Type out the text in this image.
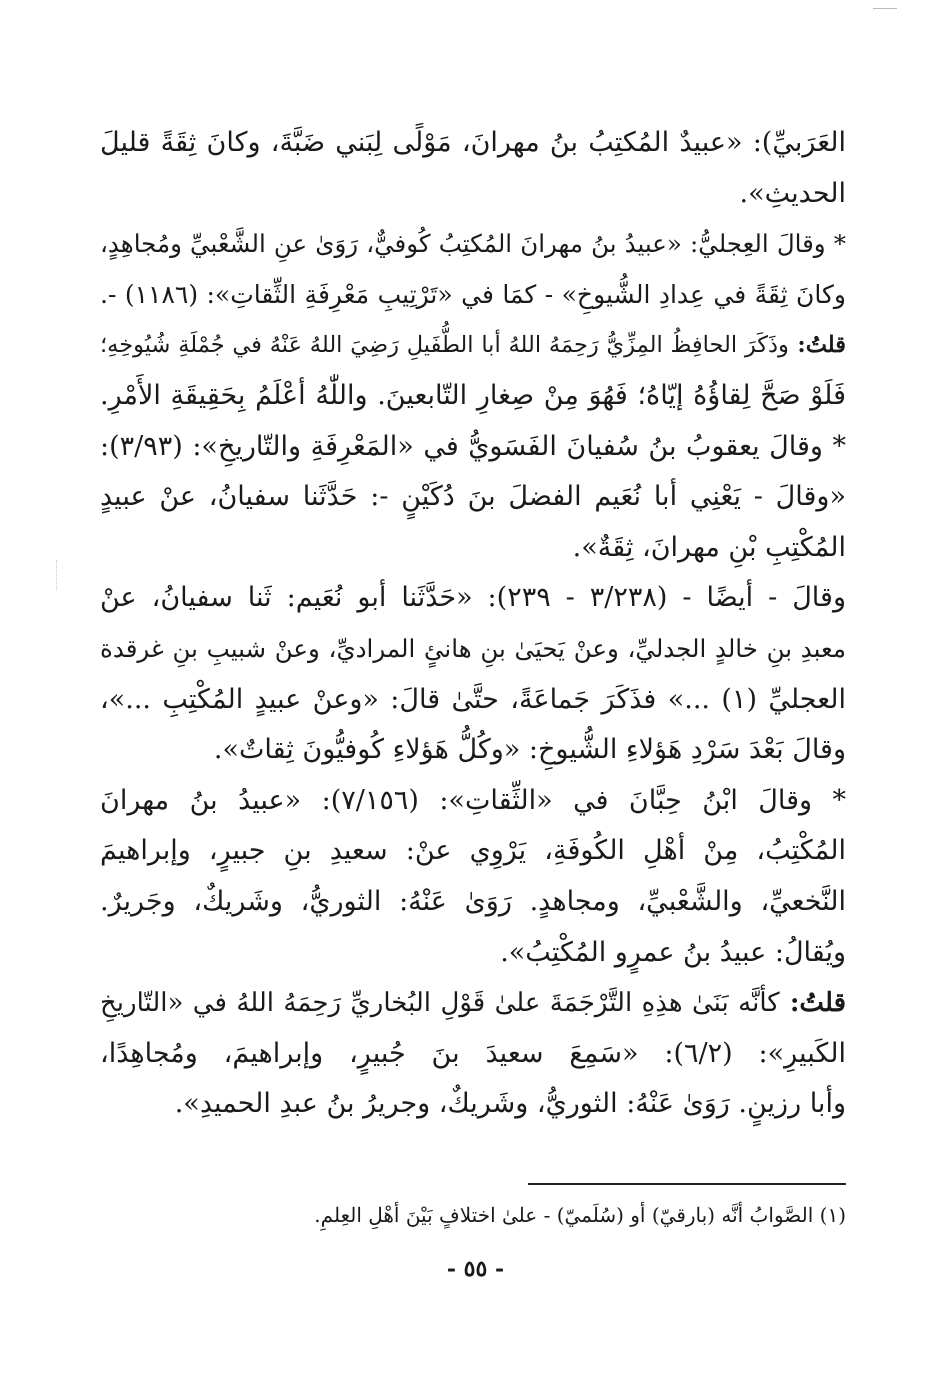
العَرَبيِّ): «عبيدٌ المُكتِبُ بنُ مهرانَ، مَوْلًى لِبَني ضَبَّةَ، وكانَ ثِقَةً قليلَ
الحديثِ».
* وقالَ العِجليُّ: «عبيدُ بنُ مهرانَ المُكتِبُ كُوفيٌّ، رَوَىٰ عنِ الشَّعْبيِّ ومُجاهِدٍ،
وكانَ ثِقَةً في عِدادِ الشُّيوخِ» - كمَا في «تَرْتِيبِ مَعْرِفَةِ الثِّقاتِ»: (١١٨٦) -.
قلتُ: وذَكَرَ الحافِظُ المِزِّيُّ رَحِمَهُ اللهُ أبا الطُّفَيلِ رَضِيَ اللهُ عَنْهُ في جُمْلَةِ شُيُوخِهِ؛
فَلَوْ صَحَّ لِقاؤُهُ إيّاهُ؛ فَهُوَ مِنْ صِغارِ التّابعينَ. واللّٰهُ أعْلَمُ بِحَقِيقَةِ الأَمْرِ.
* وقالَ يعقوبُ بنُ سُفيانَ الفَسَويُّ في «المَعْرِفَةِ والتّاريخِ»: (٣/٩٣):
«وقالَ - يَعْنِي أبا نُعَيم الفضلَ بنَ دُكَيْنٍ -: حَدَّثَنا سفيانُ، عنْ عبيدٍ
المُكْتِبِ بْنِ مهرانَ، ثِقَةٌ».
وقالَ - أيضًا - (٣/٢٣٨ - ٢٣٩): «حَدَّثَنا أبو نُعَيم: ثَنا سفيانُ، عنْ
معبدِ بنِ خالدٍ الجدليِّ، وعنْ يَحيَىٰ بنِ هانئٍ المراديِّ، وعنْ شبيبِ بنِ غرقدة
العجليِّ (١) ...» فذَكَرَ جَماعَةً، حتَّىٰ قالَ: «وعنْ عبيدٍ المُكْتِبِ ...»،
وقالَ بَعْدَ سَرْدِ هَؤلاءِ الشُّيوخِ: «وكُلُّ هَؤلاءِ كُوفيُّونَ ثِقاتٌ».
* وقالَ ابْنُ حِبَّانَ في «الثِّقاتِ»: (٧/١٥٦): «عبيدُ بنُ مهرانَ
المُكْتِبُ، مِنْ أهْلِ الكُوفَةِ، يَرْوِي عنْ: سعيدِ بنِ جبيرٍ، وإبراهيمَ
النَّخعيِّ، والشَّعْبيِّ، ومجاهدٍ. رَوَىٰ عَنْهُ: الثوريُّ، وشَريكٌ، وجَريرٌ.
ويُقالُ: عبيدُ بنُ عمرٍو المُكْتِبُ».
قلتُ: كأنَّه بَنَىٰ هذِهِ التَّرْجَمَةَ علىٰ قَوْلِ البُخاريِّ رَحِمَهُ اللهُ في «التّاريخِ
الكَبيرِ»: (٦/٢): «سَمِعَ سعيدَ بنَ جُبيرٍ، وإبراهيمَ، ومُجاهِدًا،
وأبا رزينٍ. رَوَىٰ عَنْهُ: الثوريُّ، وشَريكٌ، وجريرُ بنُ عبدِ الحميدِ».
(١) الصَّوابُ أنَّه (بارقيّ) أو (سُلَميّ) - علىٰ اختلافٍ بَيْنَ أهْلِ العِلمِ.
- ٥٥ -
